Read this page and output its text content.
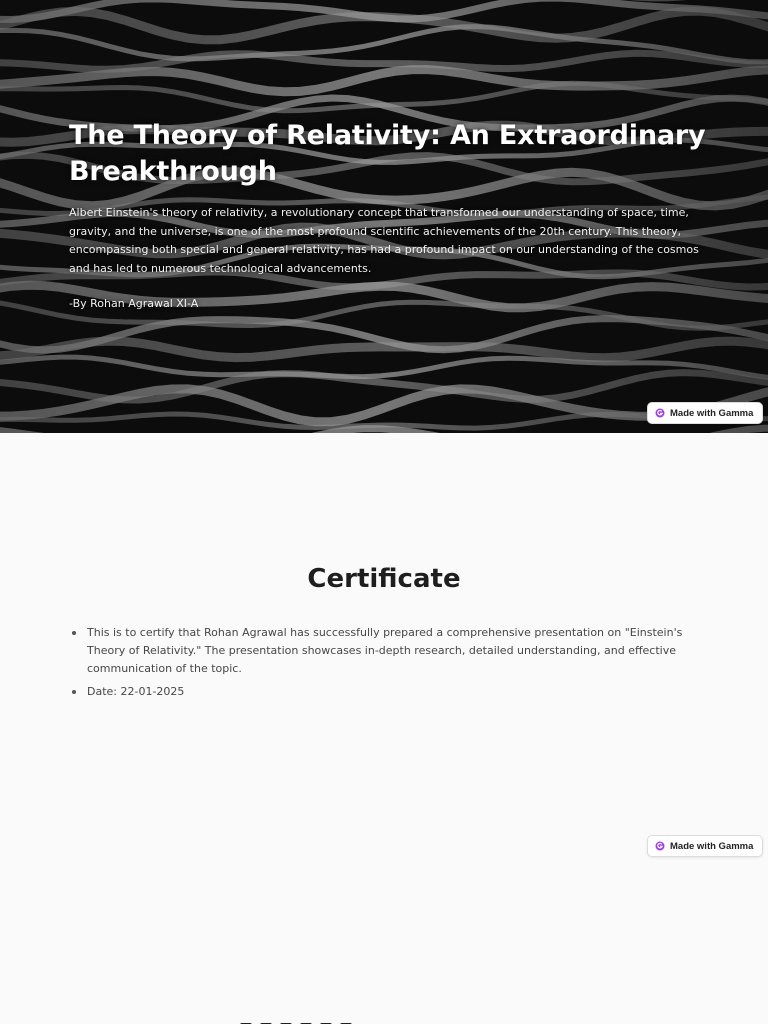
The Theory of Relativity: An Extraordinary Breakthrough

Albert Einstein's theory of relativity, a revolutionary concept that transformed our understanding of space, time, gravity, and the universe, is one of the most profound scientific achievements of the 20th century. This theory, encompassing both special and general relativity, has had a profound impact on our understanding of the cosmos and has led to numerous technological advancements.

-By Rohan Agrawal XI-A

Made with Gamma
Certificate
This is to certify that Rohan Agrawal has successfully prepared a comprehensive presentation on "Einstein's Theory of Relativity." The presentation showcases in-depth research, detailed understanding, and effective communication of the topic.
Date: 22-01-2025
Made with Gamma
